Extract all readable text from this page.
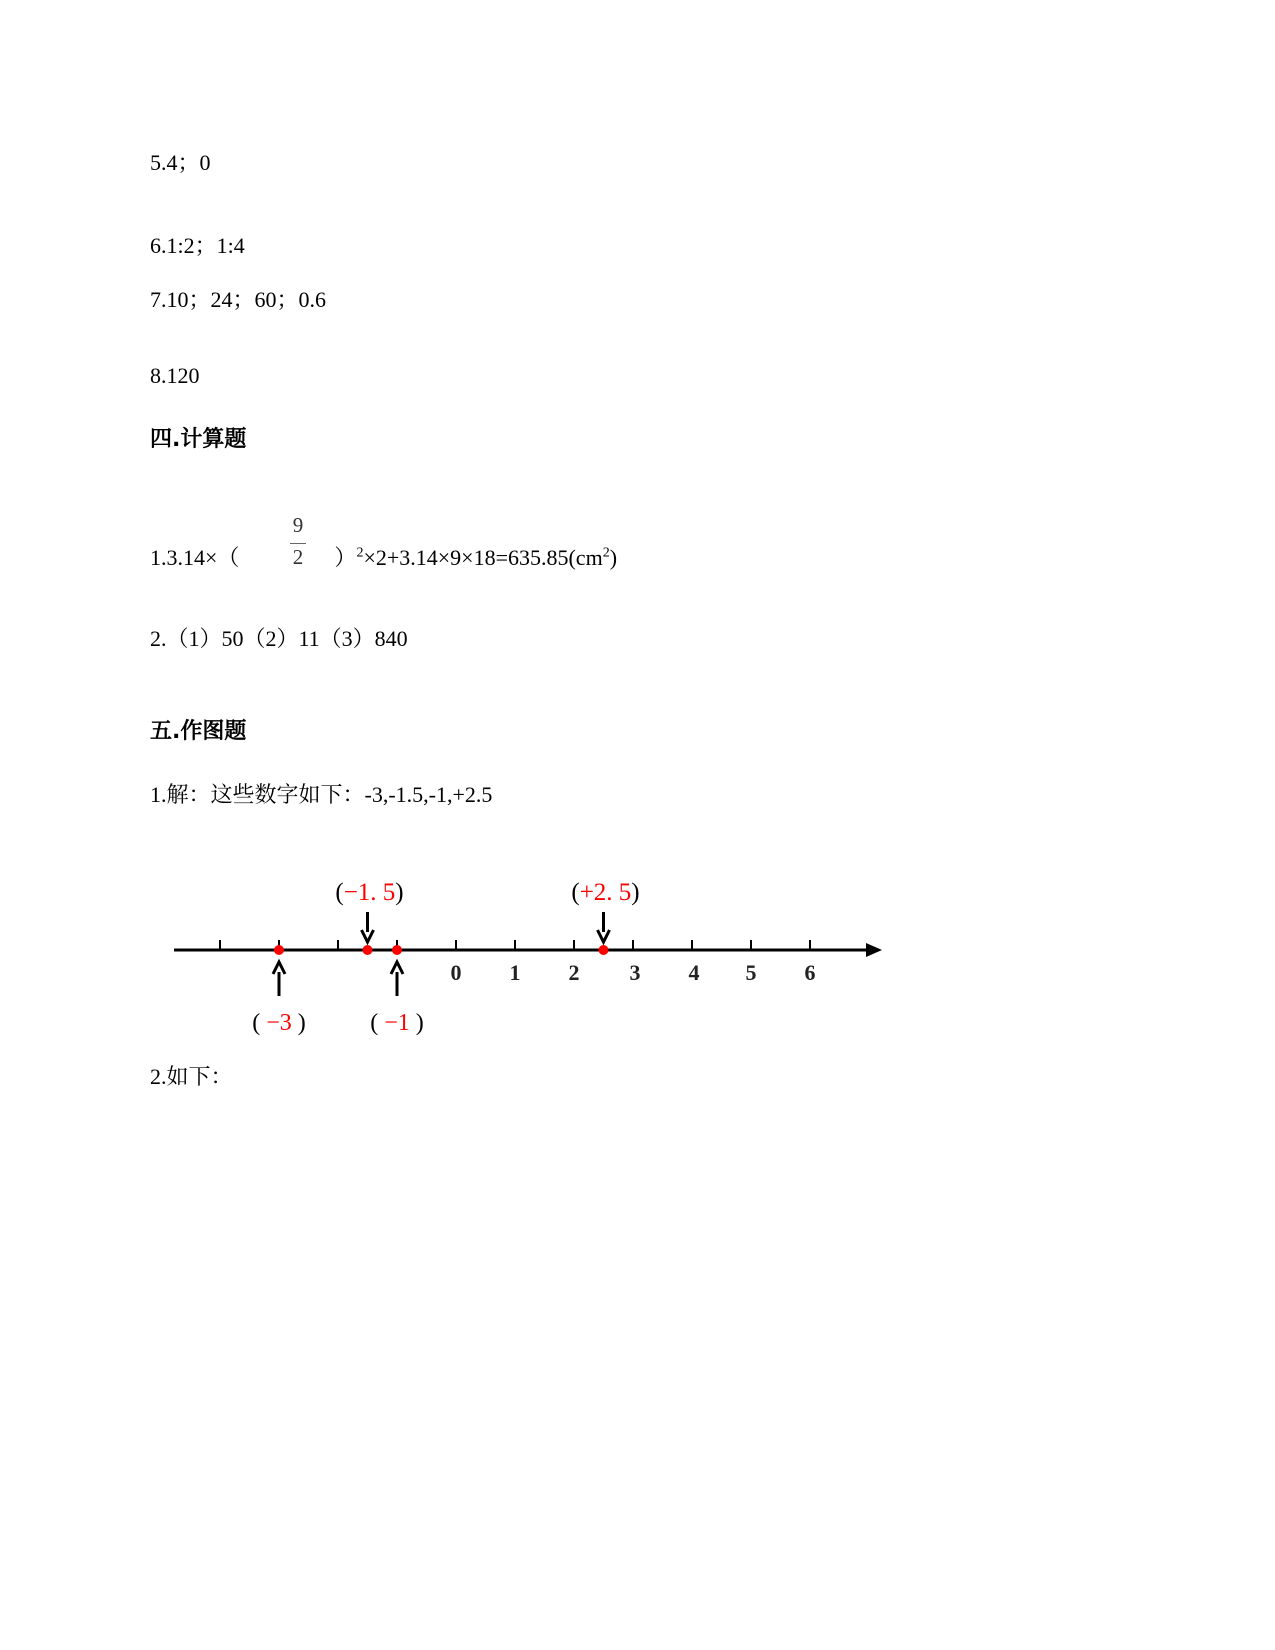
5.4；0
6.1:2；1:4
7.10；24；60；0.6
8.120
四.计算题
9
2
1.3.14×（	）$^2\times 2+3.14\times 9\times 18=635.85(cm^2)$
2.（1）50（2）11（3）840
五.作图题
1.解：这些数字如下：-3,-1.5,-1,+2.5
0 1 2 3 4 5 6
( −3 )
(−1. 5)
( −1 )
(+2. 5)
2.如下：
